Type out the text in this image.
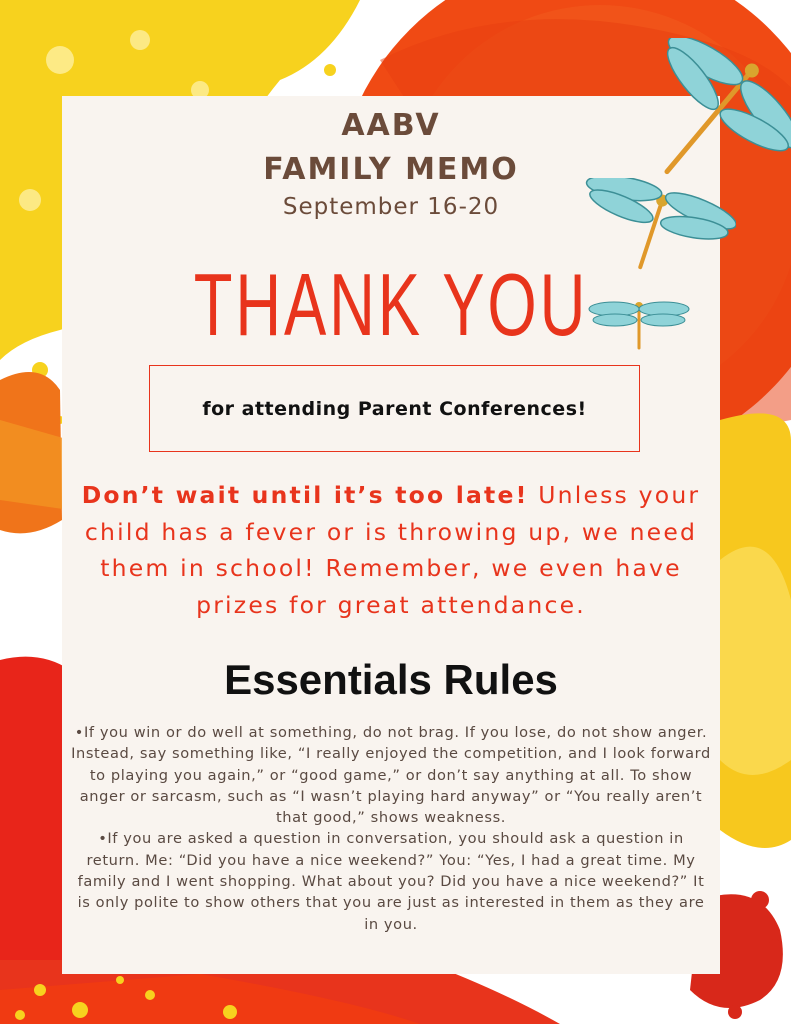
AABV
FAMILY MEMO
September 16-20
THANK YOU
for attending Parent Conferences!
Don’t wait until it’s too late! Unless your child has a fever or is throwing up, we need them in school! Remember, we even have prizes for great attendance.
Essentials Rules

•If you win or do well at something, do not brag. If you lose, do not show anger. Instead, say something like, “I really enjoyed the competition, and I look forward to playing you again,” or “good game,” or don’t say anything at all. To show anger or sarcasm, such as “I wasn’t playing hard anyway” or “You really aren’t that good,” shows weakness.

•If you are asked a question in conversation, you should ask a question in return. Me: “Did you have a nice weekend?” You: “Yes, I had a great time. My family and I went shopping. What about you? Did you have a nice weekend?” It is only polite to show others that you are just as interested in them as they are in you.
